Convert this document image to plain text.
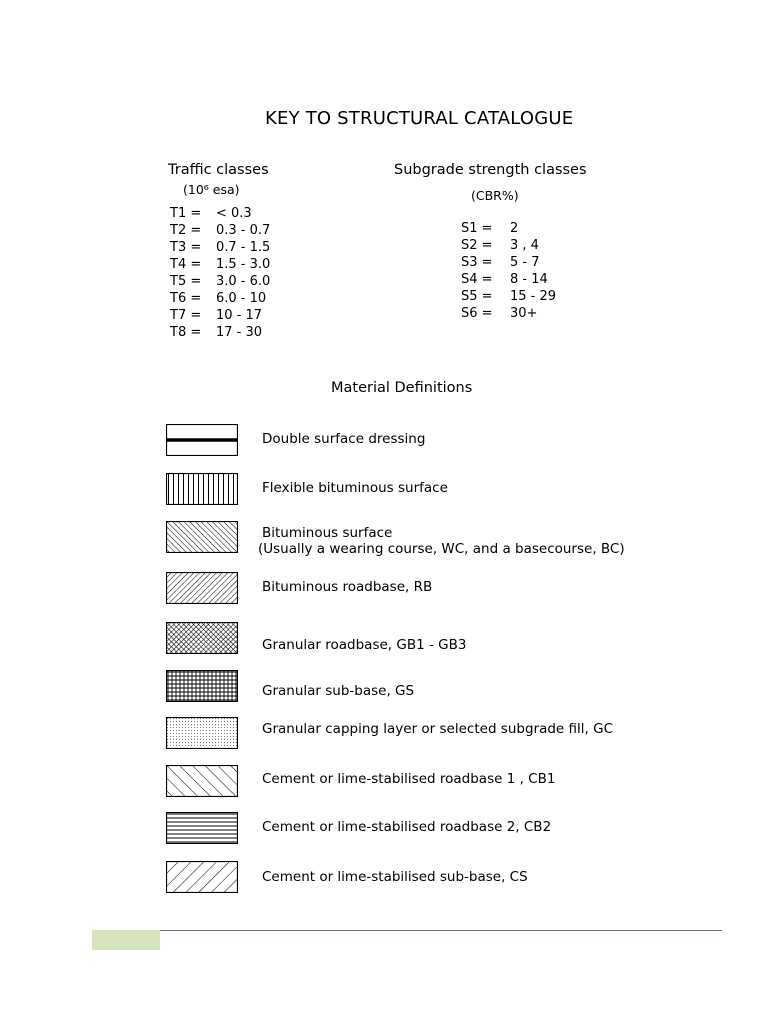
KEY TO STRUCTURAL CATALOGUE
Traffic classes
(10⁶ esa)
T1 = < 0.3
T2 = 0.3 - 0.7
T3 = 0.7 - 1.5
T4 = 1.5 - 3.0
T5 = 3.0 - 6.0
T6 = 6.0 - 10
T7 = 10 - 17
T8 = 17 - 30
Subgrade strength classes
(CBR%)
S1 = 2
S2 = 3 , 4
S3 = 5 - 7
S4 = 8 - 14
S5 = 15 - 29
S6 = 30+
Material Definitions
Double surface dressing
Flexible bituminous surface
Bituminous surface
(Usually a wearing course, WC, and a basecourse, BC)
Bituminous roadbase, RB
Granular roadbase, GB1 - GB3
Granular sub-base, GS
Granular capping layer or selected subgrade fill, GC
Cement or lime-stabilised roadbase 1 , CB1
Cement or lime-stabilised roadbase 2, CB2
Cement or lime-stabilised sub-base, CS
